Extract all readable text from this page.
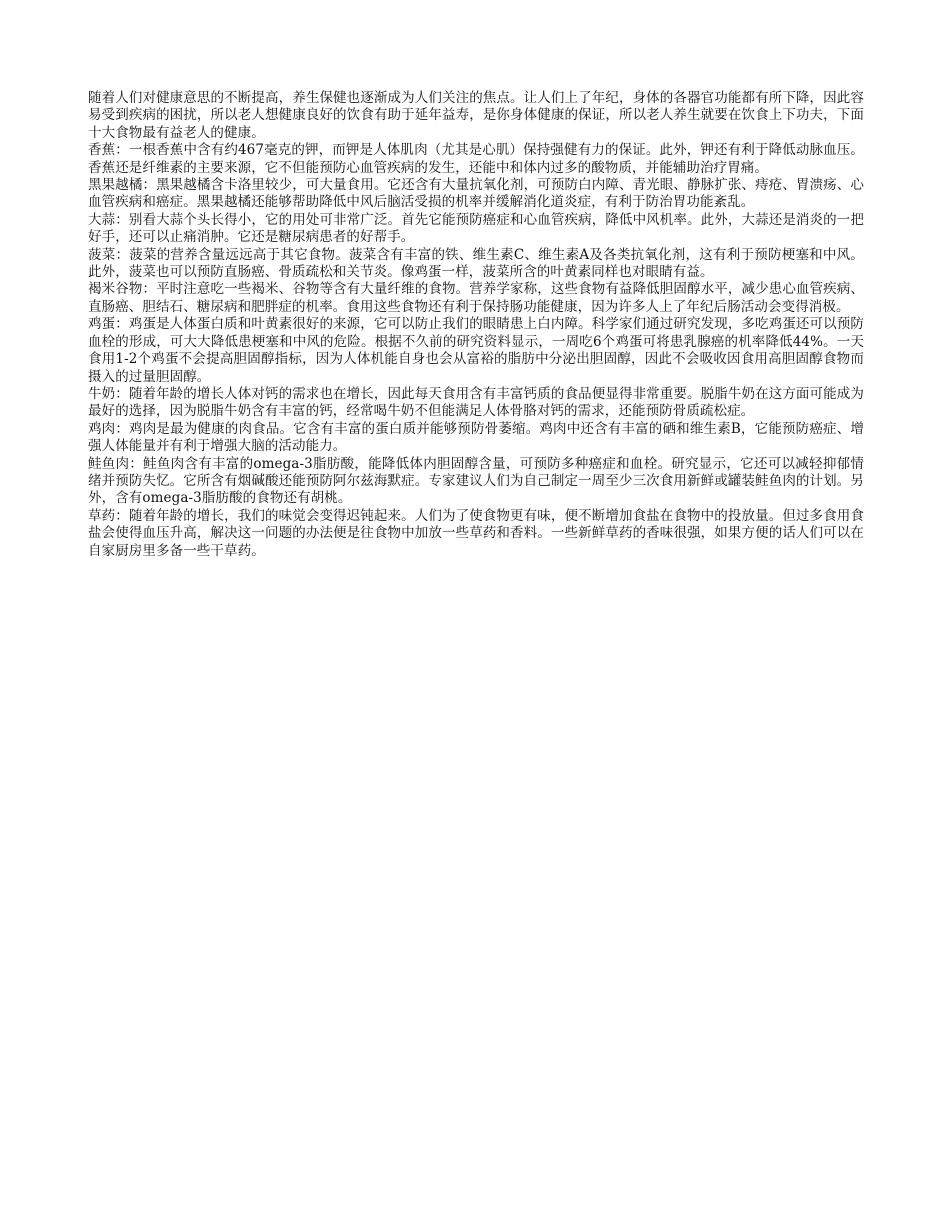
随着人们对健康意思的不断提高，养生保健也逐渐成为人们关注的焦点。让人们上了年纪，身体的各器官功能都有所下降，因此容易受到疾病的困扰，所以老人想健康良好的饮食有助于延年益寿，是你身体健康的保证，所以老人养生就要在饮食上下功夫，下面十大食物最有益老人的健康。

香蕉：一根香蕉中含有约467毫克的钾，而钾是人体肌肉（尤其是心肌）保持强健有力的保证。此外，钾还有利于降低动脉血压。香蕉还是纤维素的主要来源，它不但能预防心血管疾病的发生，还能中和体内过多的酸物质，并能辅助治疗胃痛。

黑果越橘：黑果越橘含卡洛里较少，可大量食用。它还含有大量抗氧化剂，可预防白内障、青光眼、静脉扩张、痔疮、胃溃疡、心血管疾病和癌症。黑果越橘还能够帮助降低中风后脑活受损的机率并缓解消化道炎症，有利于防治胃功能紊乱。

大蒜：别看大蒜个头长得小，它的用处可非常广泛。首先它能预防癌症和心血管疾病，降低中风机率。此外，大蒜还是消炎的一把好手，还可以止痛消肿。它还是糖尿病患者的好帮手。

菠菜：菠菜的营养含量远远高于其它食物。菠菜含有丰富的铁、维生素C、维生素A及各类抗氧化剂，这有利于预防梗塞和中风。此外，菠菜也可以预防直肠癌、骨质疏松和关节炎。像鸡蛋一样，菠菜所含的叶黄素同样也对眼睛有益。

褐米谷物：平时注意吃一些褐米、谷物等含有大量纤维的食物。营养学家称，这些食物有益降低胆固醇水平，减少患心血管疾病、直肠癌、胆结石、糖尿病和肥胖症的机率。食用这些食物还有利于保持肠功能健康，因为许多人上了年纪后肠活动会变得消极。

鸡蛋：鸡蛋是人体蛋白质和叶黄素很好的来源，它可以防止我们的眼睛患上白内障。科学家们通过研究发现，多吃鸡蛋还可以预防血栓的形成，可大大降低患梗塞和中风的危险。根据不久前的研究资料显示，一周吃6个鸡蛋可将患乳腺癌的机率降低44%。一天食用1-2个鸡蛋不会提高胆固醇指标，因为人体机能自身也会从富裕的脂肪中分泌出胆固醇，因此不会吸收因食用高胆固醇食物而摄入的过量胆固醇。

牛奶：随着年龄的增长人体对钙的需求也在增长，因此每天食用含有丰富钙质的食品便显得非常重要。脱脂牛奶在这方面可能成为最好的选择，因为脱脂牛奶含有丰富的钙，经常喝牛奶不但能满足人体骨胳对钙的需求，还能预防骨质疏松症。

鸡肉：鸡肉是最为健康的肉食品。它含有丰富的蛋白质并能够预防骨萎缩。鸡肉中还含有丰富的硒和维生素B，它能预防癌症、增强人体能量并有利于增强大脑的活动能力。

鲑鱼肉：鲑鱼肉含有丰富的omega-3脂肪酸，能降低体内胆固醇含量，可预防多种癌症和血栓。研究显示，它还可以减轻抑郁情绪并预防失忆。它所含有烟碱酸还能预防阿尔兹海默症。专家建议人们为自己制定一周至少三次食用新鲜或罐装鲑鱼肉的计划。另外，含有omega-3脂肪酸的食物还有胡桃。

草药：随着年龄的增长，我们的味觉会变得迟钝起来。人们为了使食物更有味，便不断增加食盐在食物中的投放量。但过多食用食盐会使得血压升高，解决这一问题的办法便是往食物中加放一些草药和香料。一些新鲜草药的香味很强，如果方便的话人们可以在自家厨房里多备一些干草药。
